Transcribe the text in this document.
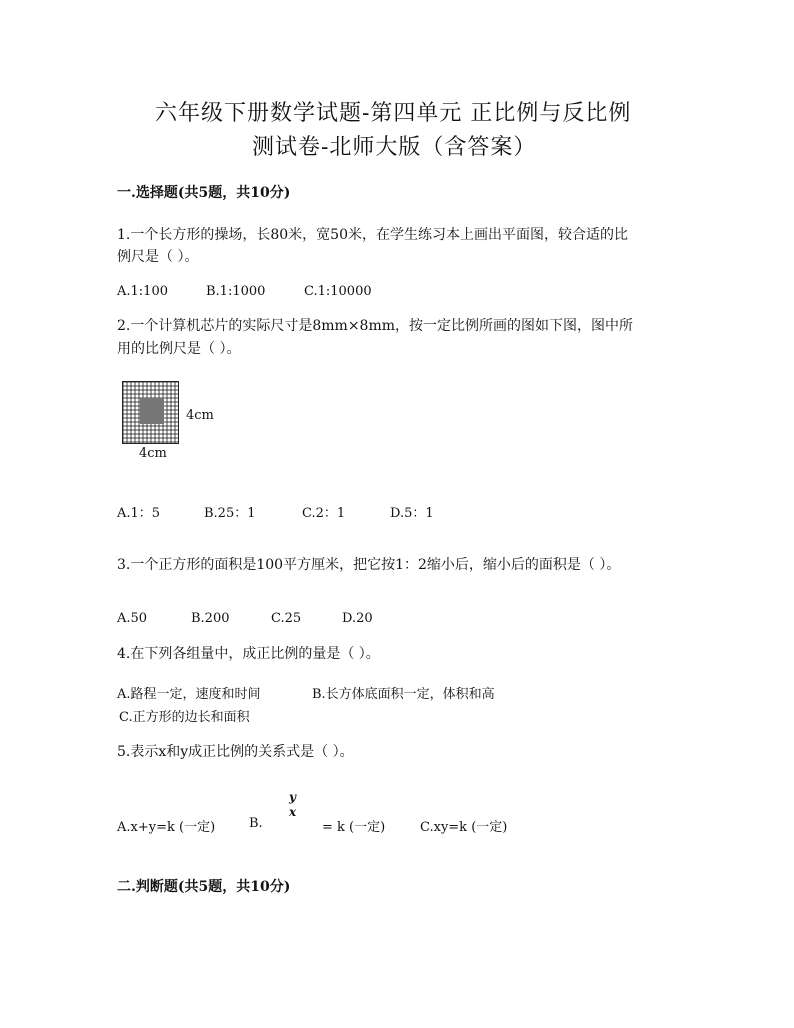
六年级下册数学试题-第四单元 正比例与反比例
测试卷-北师大版（含答案）
一.选择题(共5题，共10分)
1.一个长方形的操场，长80米，宽50米，在学生练习本上画出平面图，较合适的比
例尺是（ ）。
A.1:100	B.1:1000	C.1:10000
2.一个计算机芯片的实际尺寸是8mm×8mm，按一定比例所画的图如下图，图中所
用的比例尺是（ ）。
4cm
4cm
A.1：5	B.25：1	C.2：1	D.5：1
3.一个正方形的面积是100平方厘米，把它按1：2缩小后，缩小后的面积是（ ）。
A.50	B.200	C.25	D.20
4.在下列各组量中，成正比例的量是（ ）。
A.路程一定，速度和时间	B.长方体底面积一定，体积和高
C.正方形的边长和面积
5.表示x和y成正比例的关系式是（ ）。
A.x+y=k (一定)	B.
y
x
= k (一定)	C.xy=k (一定)
二.判断题(共5题，共10分)
